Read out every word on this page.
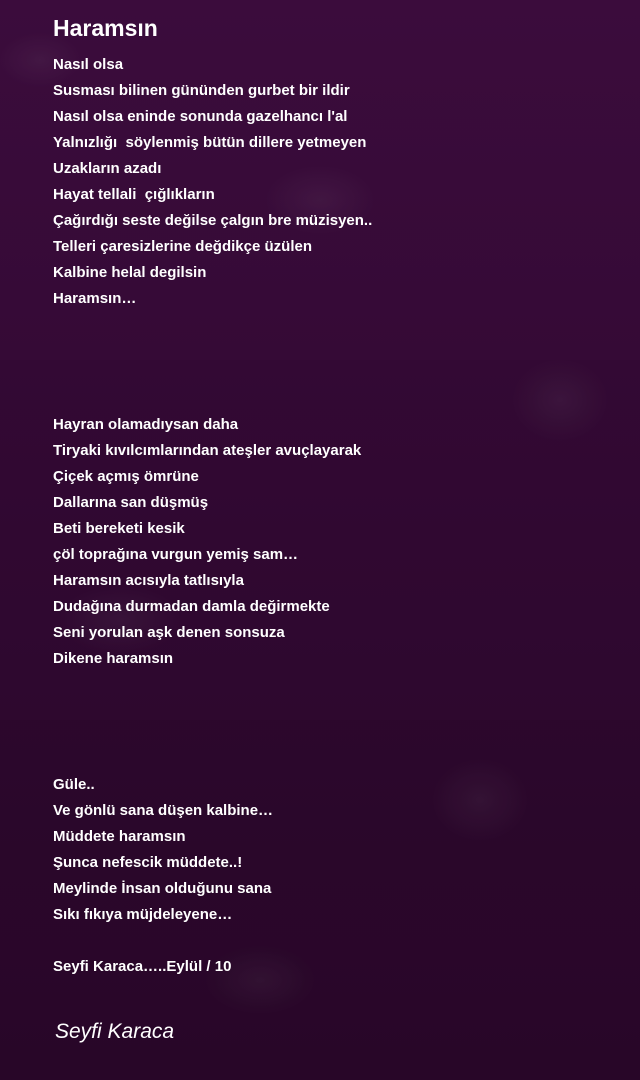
Haramsın
Nasıl olsa
Susması bilinen gününden gurbet bir ildir
Nasıl olsa eninde sonunda gazelhancı l'al
Yalnızlığı  söylenmiş bütün dillere yetmeyen
Uzakların azadı
Hayat tellali  çığlıkların
Çağırdığı seste değilse çalgın bre müzisyen..
Telleri çaresizlerine değdikçe üzülen
Kalbine helal degilsin
Haramsın…
Hayran olamadıysan daha
Tiryaki kıvılcımlarından ateşler avuçlayarak
Çiçek açmış ömrüne
Dallarına san düşmüş
Beti bereketi kesik
çöl toprağına vurgun yemiş sam…
Haramsın acısıyla tatlısıyla
Dudağına durmadan damla değirmekte
Seni yorulan aşk denen sonsuza
Dikene haramsın
Güle..
Ve gönlü sana düşen kalbine…
Müddete haramsın
Şunca nefescik müddete..!
Meylinde İnsan olduğunu sana
Sıkı fıkıya müjdeleyene…
Seyfi Karaca…..Eylül / 10
Seyfi Karaca
